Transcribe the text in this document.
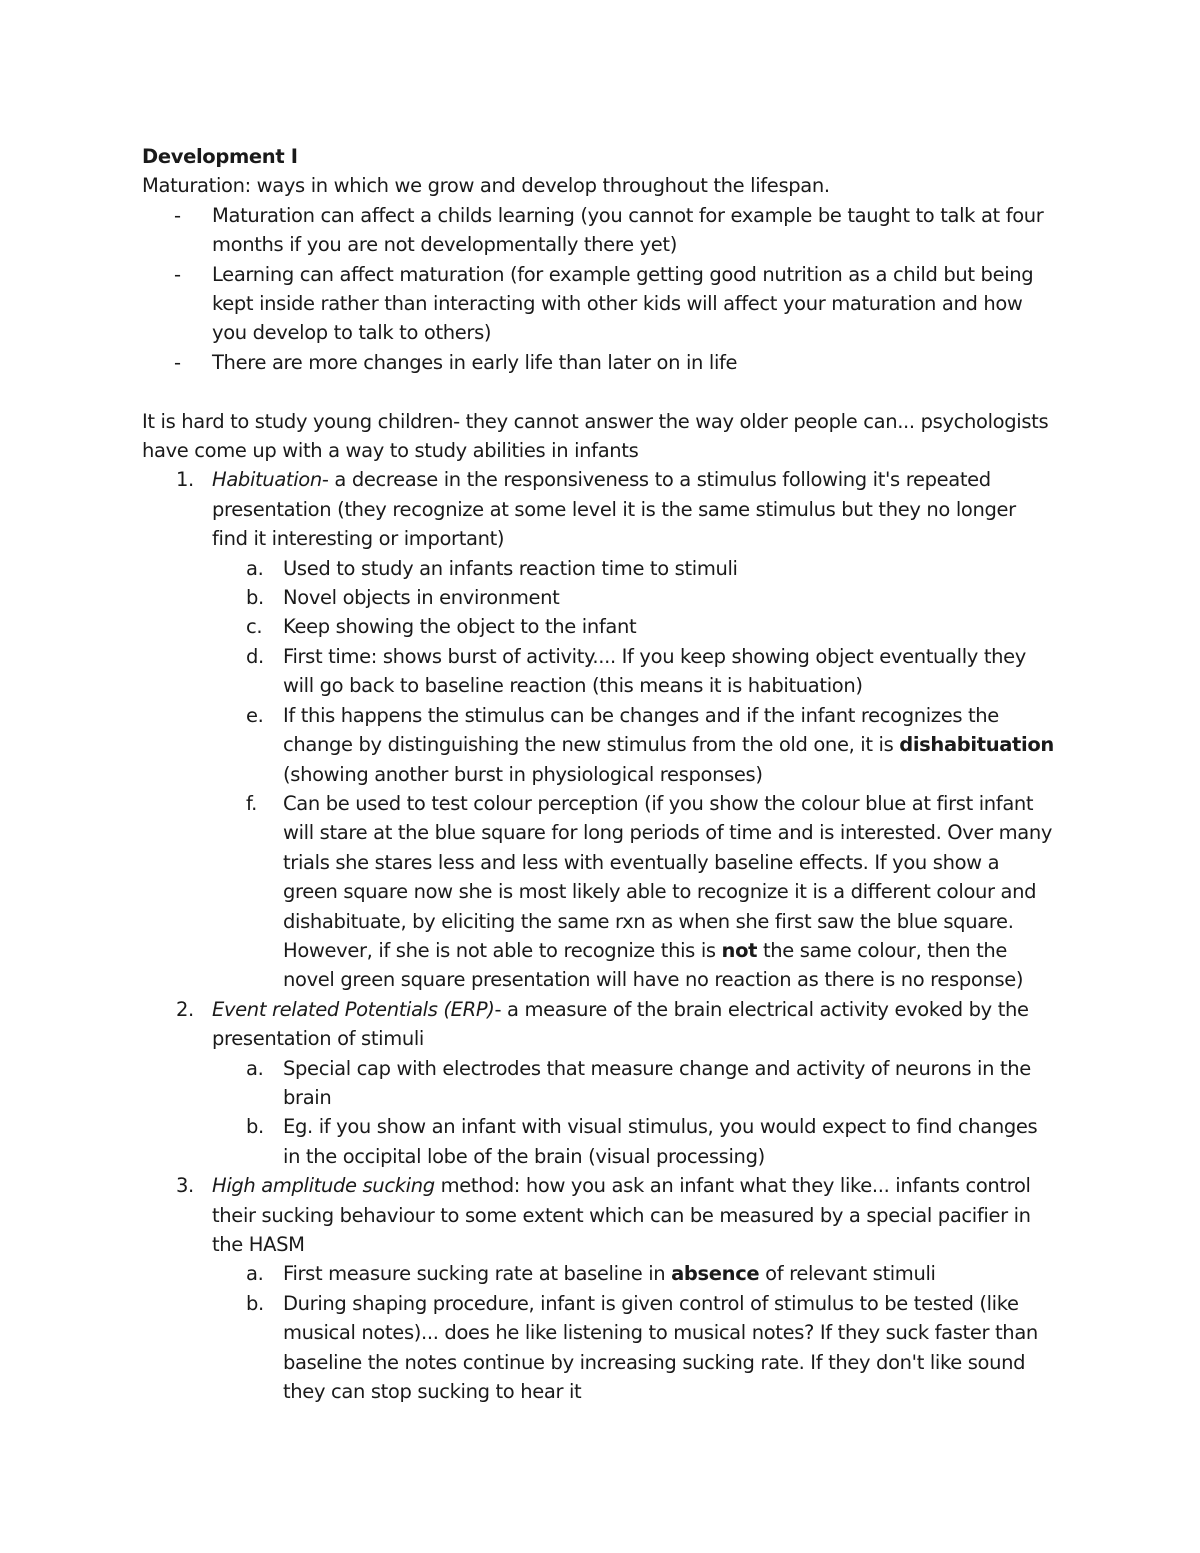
Development I
Maturation: ways in which we grow and develop throughout the lifespan.
- Maturation can affect a childs learning (you cannot for example be taught to talk at four
months if you are not developmentally there yet)
- Learning can affect maturation (for example getting good nutrition as a child but being
kept inside rather than interacting with other kids will affect your maturation and how
you develop to talk to others)
- There are more changes in early life than later on in life
It is hard to study young children- they cannot answer the way older people can... psychologists
have come up with a way to study abilities in infants
1. Habituation- a decrease in the responsiveness to a stimulus following it's repeated
presentation (they recognize at some level it is the same stimulus but they no longer
find it interesting or important)
a. Used to study an infants reaction time to stimuli
b. Novel objects in environment
c. Keep showing the object to the infant
d. First time: shows burst of activity.... If you keep showing object eventually they
will go back to baseline reaction (this means it is habituation)
e. If this happens the stimulus can be changes and if the infant recognizes the
change by distinguishing the new stimulus from the old one, it is dishabituation
(showing another burst in physiological responses)
f. Can be used to test colour perception (if you show the colour blue at first infant
will stare at the blue square for long periods of time and is interested. Over many
trials she stares less and less with eventually baseline effects. If you show a
green square now she is most likely able to recognize it is a different colour and
dishabituate, by eliciting the same rxn as when she first saw the blue square.
However, if she is not able to recognize this is not the same colour, then the
novel green square presentation will have no reaction as there is no response)
2. Event related Potentials (ERP)- a measure of the brain electrical activity evoked by the
presentation of stimuli
a. Special cap with electrodes that measure change and activity of neurons in the
brain
b. Eg. if you show an infant with visual stimulus, you would expect to find changes
in the occipital lobe of the brain (visual processing)
3. High amplitude sucking method: how you ask an infant what they like... infants control
their sucking behaviour to some extent which can be measured by a special pacifier in
the HASM
a. First measure sucking rate at baseline in absence of relevant stimuli
b. During shaping procedure, infant is given control of stimulus to be tested (like
musical notes)... does he like listening to musical notes? If they suck faster than
baseline the notes continue by increasing sucking rate. If they don't like sound
they can stop sucking to hear it
